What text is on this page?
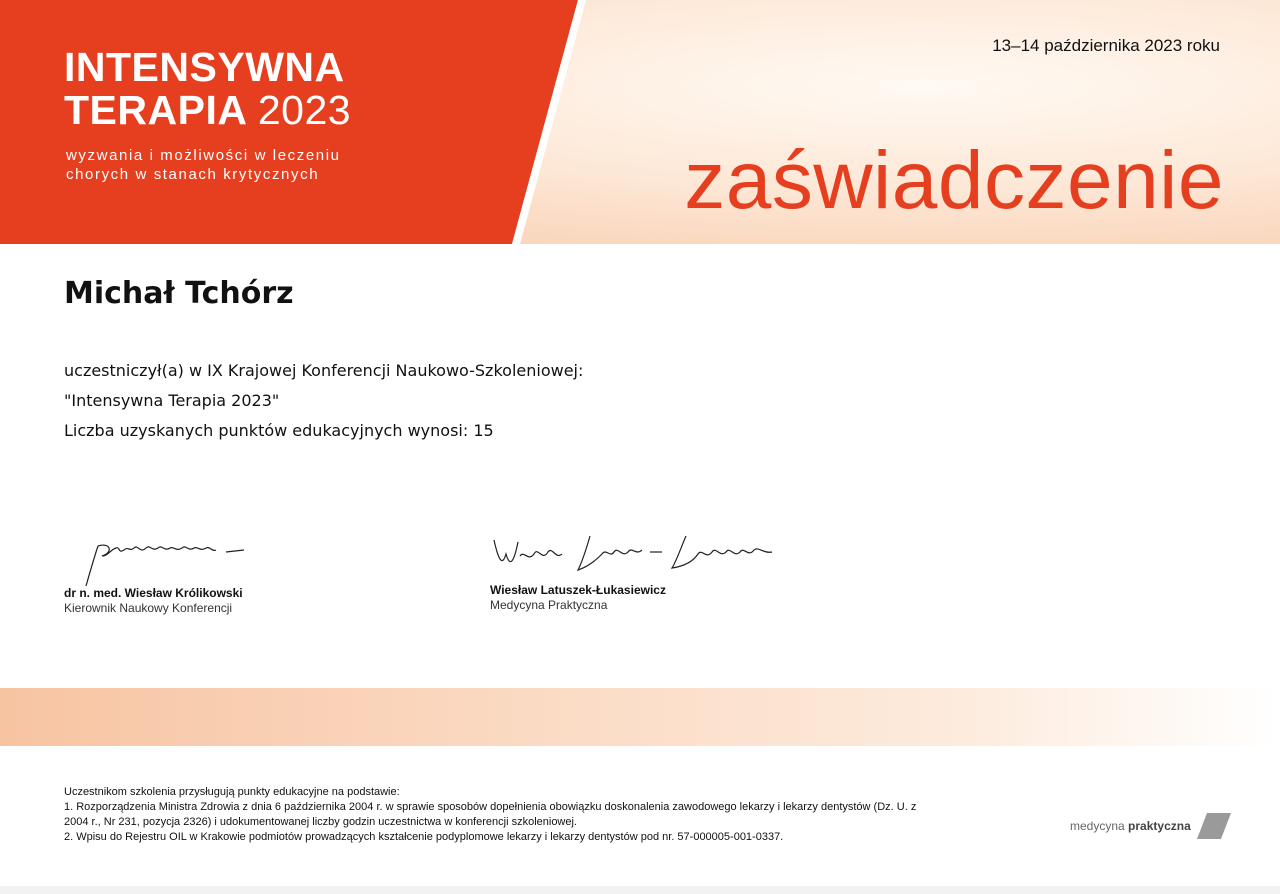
INTENSYWNA
TERAPIA 2023
wyzwania i możliwości w leczeniu
chorych w stanach krytycznych
13–14 października 2023 roku
zaświadczenie
Michał Tchórz
uczestniczył(a) w IX Krajowej Konferencji Naukowo-Szkoleniowej:
"Intensywna Terapia 2023"
Liczba uzyskanych punktów edukacyjnych wynosi: 15
dr n. med. Wiesław Królikowski
Kierownik Naukowy Konferencji
Wiesław Latuszek-Łukasiewicz
Medycyna Praktyczna
Uczestnikom szkolenia przysługują punkty edukacyjne na podstawie:
1. Rozporządzenia Ministra Zdrowia z dnia 6 października 2004 r. w sprawie sposobów dopełnienia obowiązku doskonalenia zawodowego lekarzy i lekarzy dentystów (Dz. U. z 2004 r., Nr 231, pozycja 2326) i udokumentowanej liczby godzin uczestnictwa w konferencji szkoleniowej.
2. Wpisu do Rejestru OIL w Krakowie podmiotów prowadzących kształcenie podyplomowe lekarzy i lekarzy dentystów pod nr. 57-000005-001-0337.
medycyna praktyczna
